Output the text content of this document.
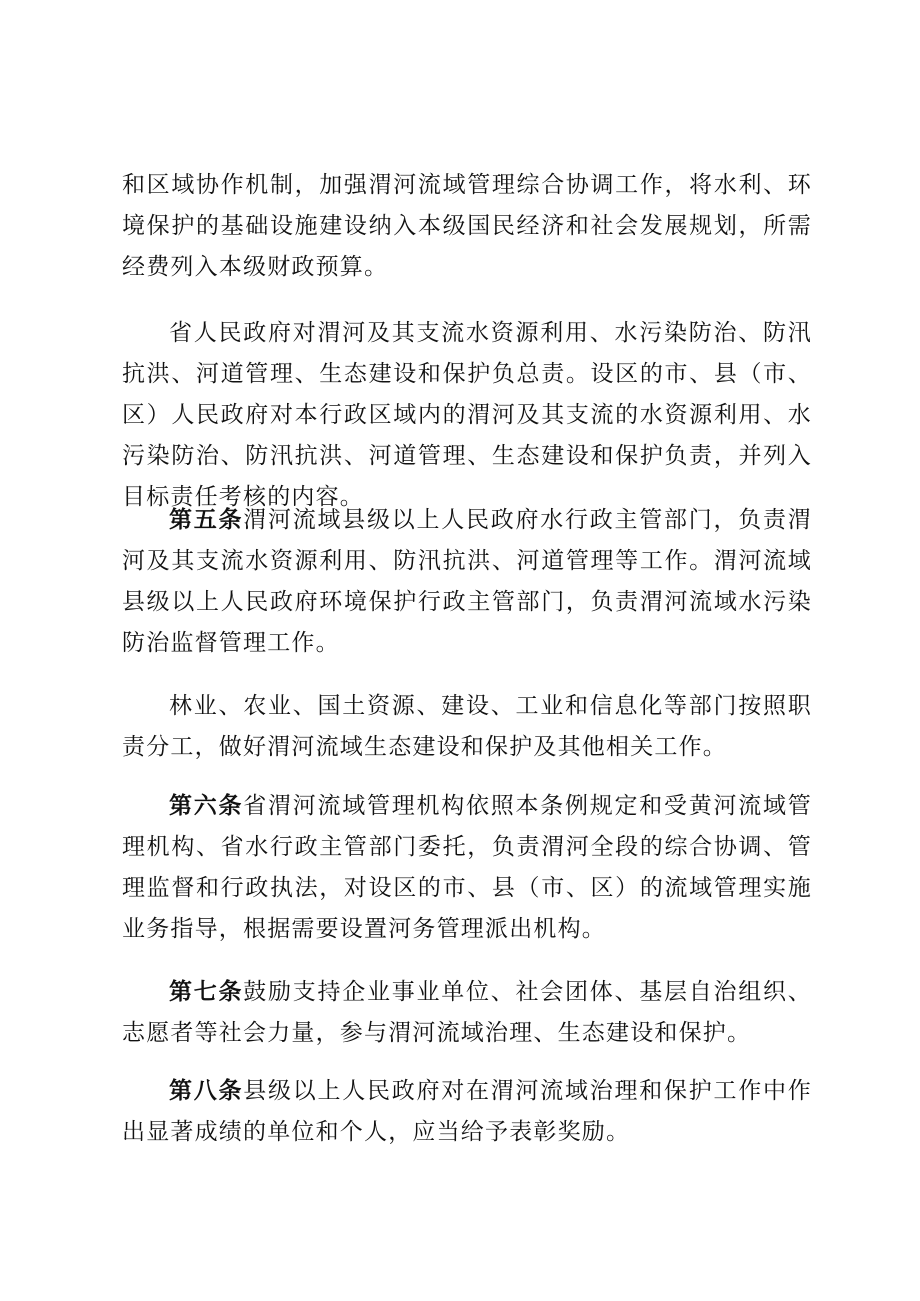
和区域协作机制，加强渭河流域管理综合协调工作，将水利、环境保护的基础设施建设纳入本级国民经济和社会发展规划，所需经费列入本级财政预算。

省人民政府对渭河及其支流水资源利用、水污染防治、防汛抗洪、河道管理、生态建设和保护负总责。设区的市、县（市、区）人民政府对本行政区域内的渭河及其支流的水资源利用、水污染防治、防汛抗洪、河道管理、生态建设和保护负责，并列入目标责任考核的内容。

第五条渭河流域县级以上人民政府水行政主管部门，负责渭河及其支流水资源利用、防汛抗洪、河道管理等工作。渭河流域县级以上人民政府环境保护行政主管部门，负责渭河流域水污染防治监督管理工作。

林业、农业、国土资源、建设、工业和信息化等部门按照职责分工，做好渭河流域生态建设和保护及其他相关工作。

第六条省渭河流域管理机构依照本条例规定和受黄河流域管理机构、省水行政主管部门委托，负责渭河全段的综合协调、管理监督和行政执法，对设区的市、县（市、区）的流域管理实施业务指导，根据需要设置河务管理派出机构。

第七条鼓励支持企业事业单位、社会团体、基层自治组织、志愿者等社会力量，参与渭河流域治理、生态建设和保护。

第八条县级以上人民政府对在渭河流域治理和保护工作中作出显著成绩的单位和个人，应当给予表彰奖励。
